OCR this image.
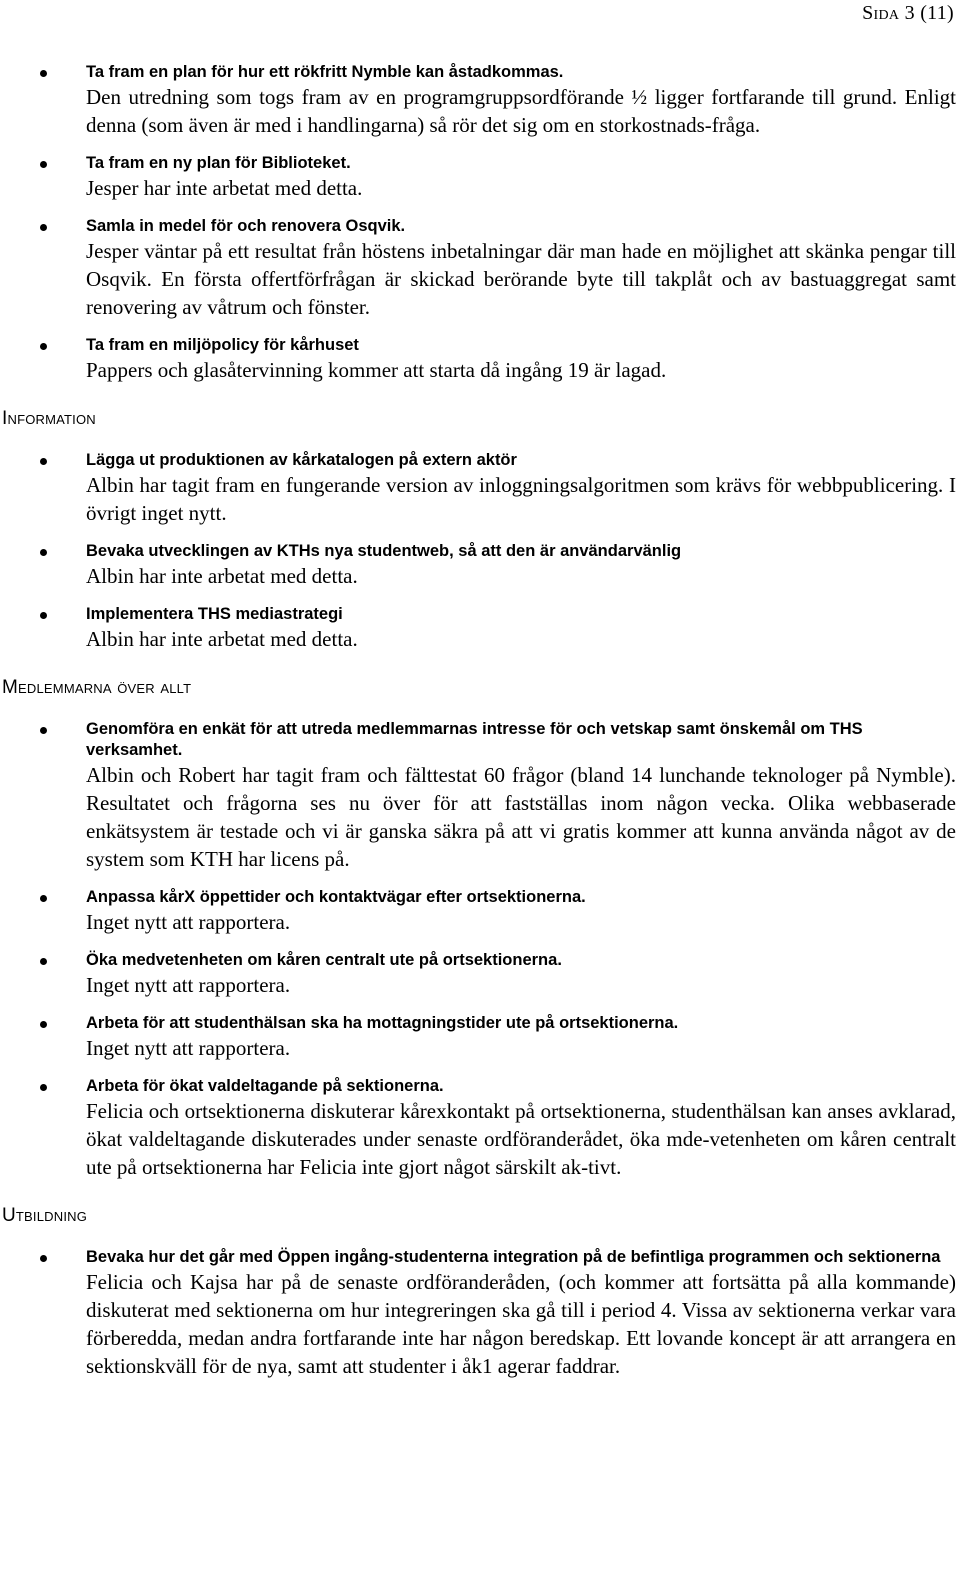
Sida 3 (11)

Ta fram en plan för hur ett rökfritt Nymble kan åstadkommas.

Den utredning som togs fram av en programgruppsordförande ½ ligger fortfarande till grund. Enligt denna (som även är med i handlingarna) så rör det sig om en storkostnads-fråga.

Ta fram en ny plan för Biblioteket.

Jesper har inte arbetat med detta.

Samla in medel för och renovera Osqvik.

Jesper väntar på ett resultat från höstens inbetalningar där man hade en möjlighet att skänka pengar till Osqvik. En första offertförfrågan är skickad berörande byte till takplåt och av bastuaggregat samt renovering av våtrum och fönster.

Ta fram en miljöpolicy för kårhuset

Pappers och glasåtervinning kommer att starta då ingång 19 är lagad.

Information

Lägga ut produktionen av kårkatalogen på extern aktör

Albin har tagit fram en fungerande version av inloggningsalgoritmen som krävs för webbpublicering. I övrigt inget nytt.

Bevaka utvecklingen av KTHs nya studentweb, så att den är användarvänlig

Albin har inte arbetat med detta.

Implementera THS mediastrategi

Albin har inte arbetat med detta.

Medlemmarna över allt

Genomföra en enkät för att utreda medlemmarnas intresse för och vetskap samt önskemål om THS verksamhet.

Albin och Robert har tagit fram och fälttestat 60 frågor (bland 14 lunchande teknologer på Nymble). Resultatet och frågorna ses nu över för att fastställas inom någon vecka. Olika webbaserade enkätsystem är testade och vi är ganska säkra på att vi gratis kommer att kunna använda något av de system som KTH har licens på.

Anpassa kårX öppettider och kontaktvägar efter ortsektionerna.

Inget nytt att rapportera.

Öka medvetenheten om kåren centralt ute på ortsektionerna.

Inget nytt att rapportera.

Arbeta för att studenthälsan ska ha mottagningstider ute på ortsektionerna.

Inget nytt att rapportera.

Arbeta för ökat valdeltagande på sektionerna.

Felicia och ortsektionerna diskuterar kårexkontakt på ortsektionerna, studenthälsan kan anses avklarad, ökat valdeltagande diskuterades under senaste ordföranderådet, öka mde-vetenheten om kåren centralt ute på ortsektionerna har Felicia inte gjort något särskilt ak-tivt.

Utbildning

Bevaka hur det går med Öppen ingång-studenterna integration på de befintliga programmen och sektionerna

Felicia och Kajsa har på de senaste ordföranderåden, (och kommer att fortsätta på alla kommande) diskuterat med sektionerna om hur integreringen ska gå till i period 4. Vissa av sektionerna verkar vara förberedda, medan andra fortfarande inte har någon beredskap. Ett lovande koncept är att arrangera en sektionskväll för de nya, samt att studenter i åk1 agerar faddrar.
